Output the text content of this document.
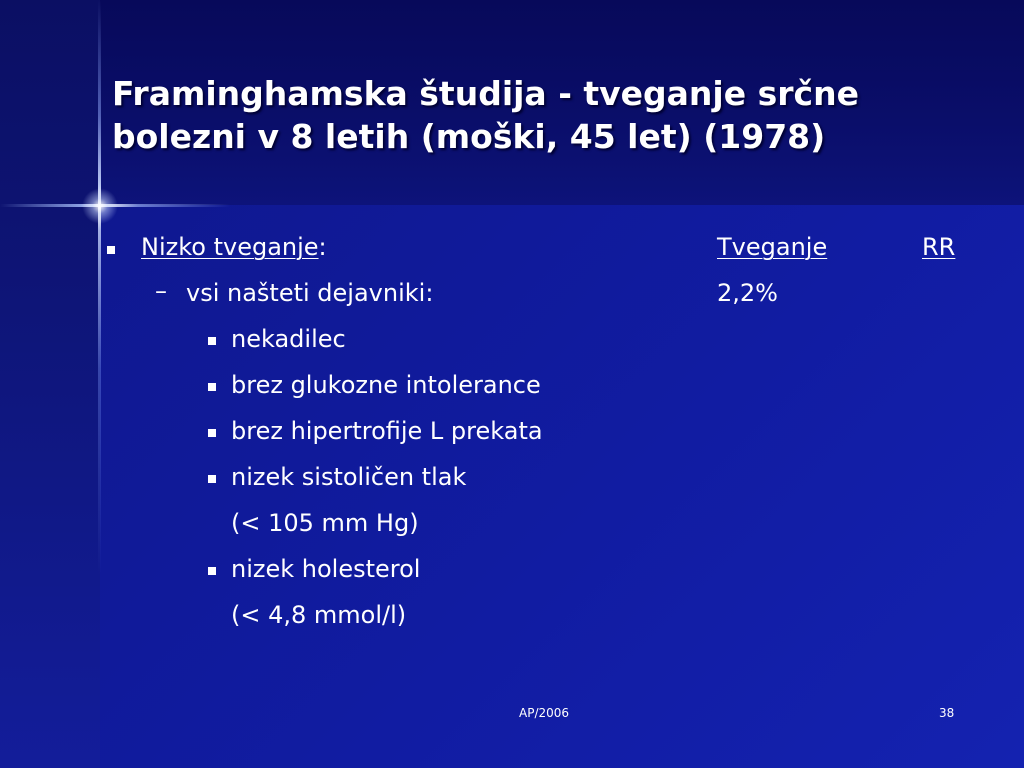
Framinghamska študija - tveganje srčne
bolezni v 8 letih (moški, 45 let) (1978)
Nizko tveganje:	Tveganje	RR
– vsi našteti dejavniki:	2,2%
nekadilec
brez glukozne intolerance
brez hipertrofije L prekata
nizek sistoličen tlak
(< 105 mm Hg)
nizek holesterol
(< 4,8 mmol/l)
AP/2006	38
